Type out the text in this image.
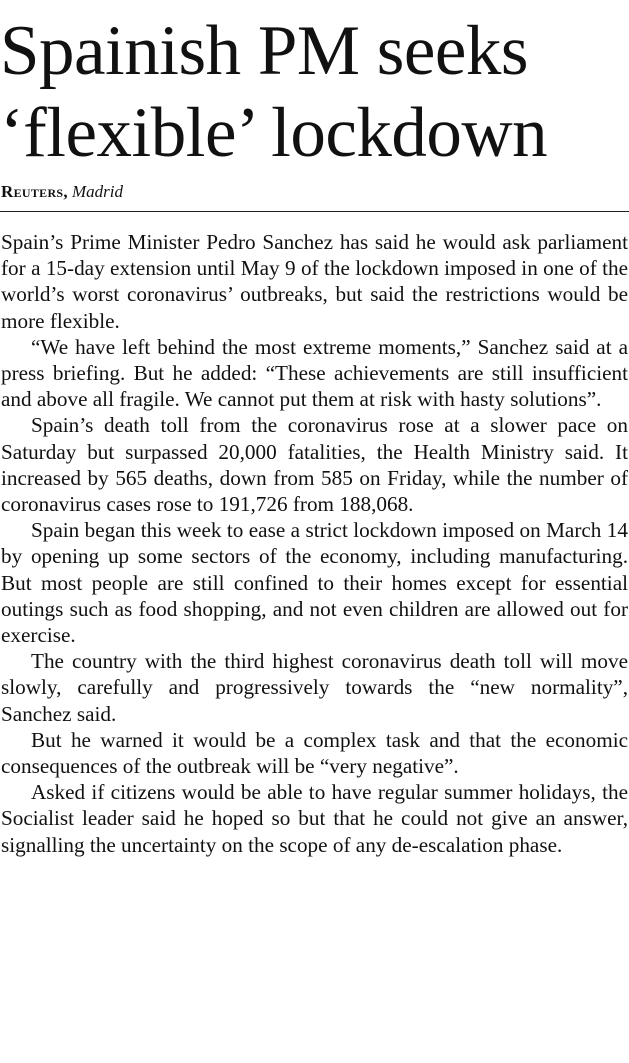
Spainish PM seeks
‘flexible’ lockdown
Reuters, Madrid

Spain’s Prime Minister Pedro Sanchez has said he would ask parliament for a 15-day extension until May 9 of the lockdown imposed in one of the world’s worst coronavirus’ outbreaks, but said the restrictions would be more flexible.

“We have left behind the most extreme moments,” Sanchez said at a press briefing. But he added: “These achievements are still insufficient and above all fragile. We cannot put them at risk with hasty solutions”.

Spain’s death toll from the coronavirus rose at a slower pace on Saturday but surpassed 20,000 fatalities, the Health Ministry said. It increased by 565 deaths, down from 585 on Friday, while the number of coronavirus cases rose to 191,726 from 188,068.

Spain began this week to ease a strict lockdown imposed on March 14 by opening up some sectors of the economy, including manufacturing. But most people are still confined to their homes except for essential outings such as food shopping, and not even children are allowed out for exercise.

The country with the third highest coronavirus death toll will move slowly, carefully and progressively towards the “new normality”, Sanchez said.

But he warned it would be a complex task and that the economic consequences of the outbreak will be “very negative”.

Asked if citizens would be able to have regular summer holidays, the Socialist leader said he hoped so but that he could not give an answer, signalling the uncertainty on the scope of any de-escalation phase.
